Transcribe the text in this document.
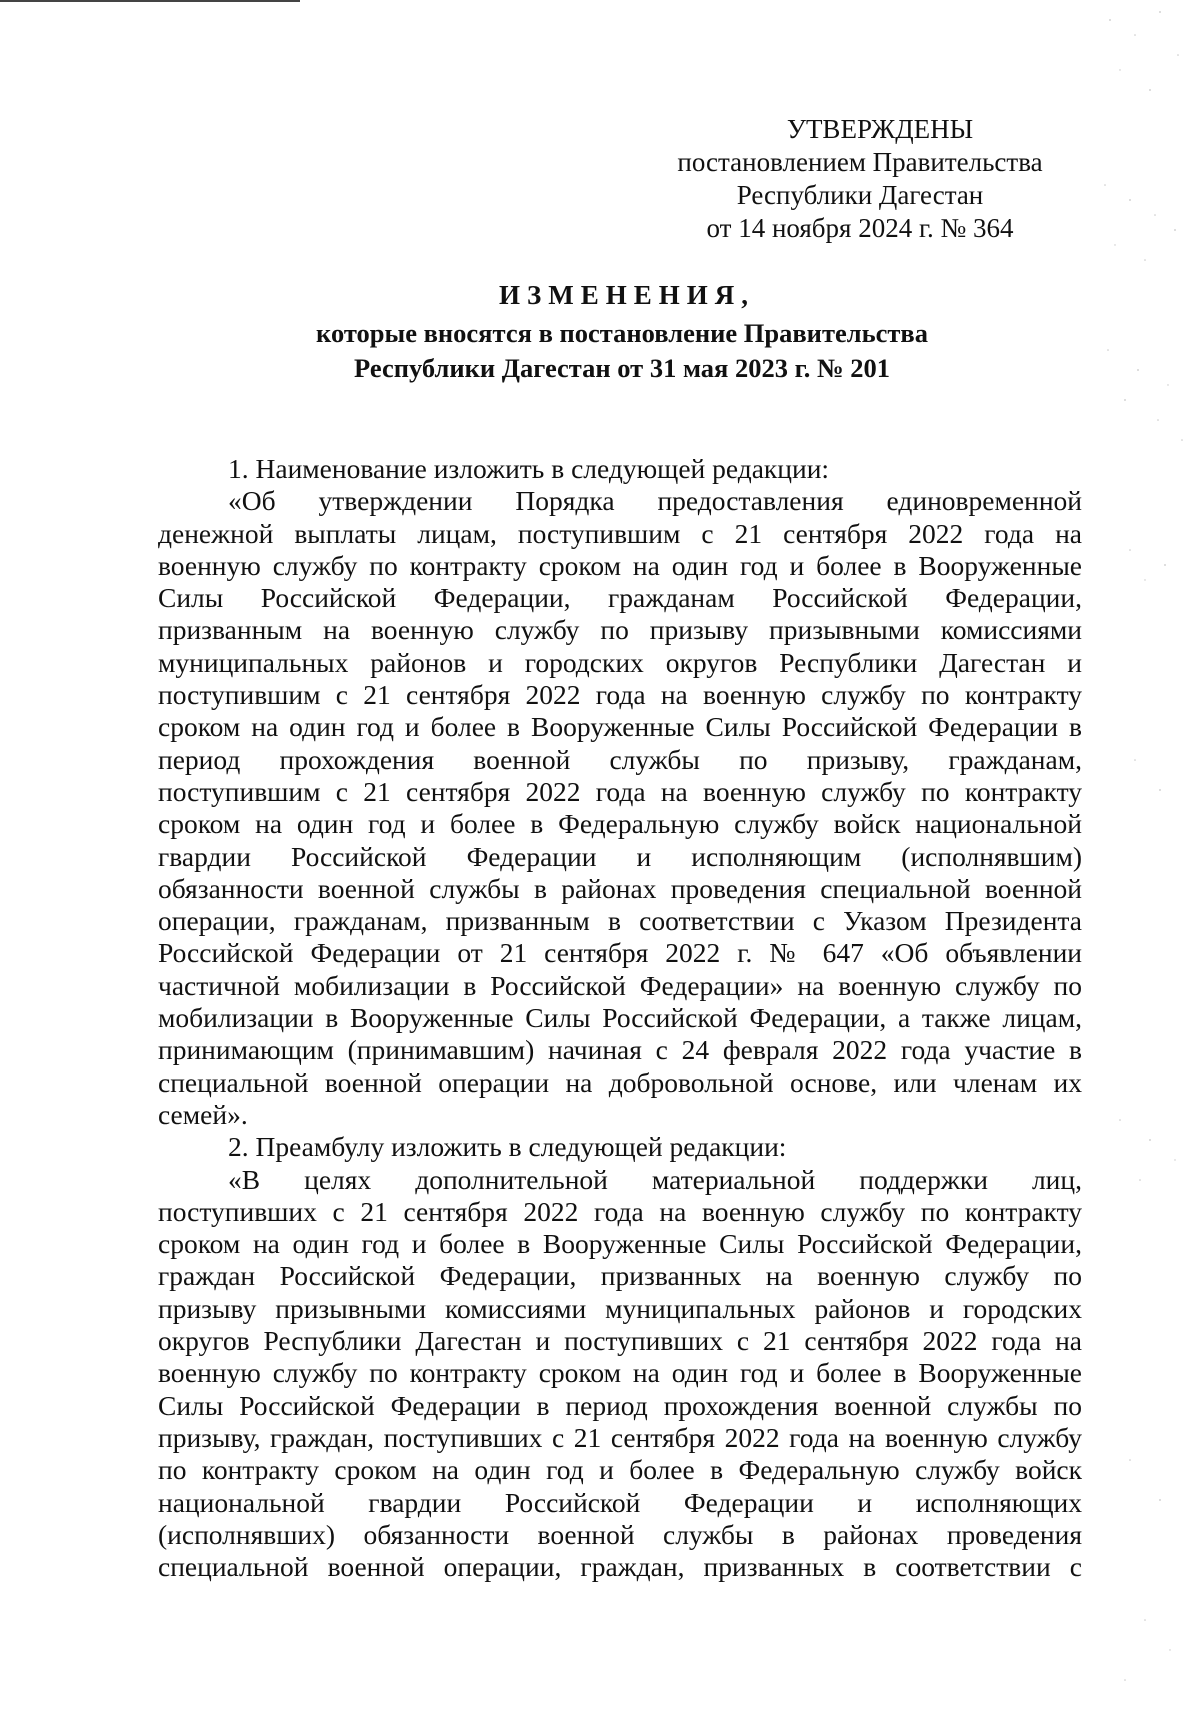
УТВЕРЖДЕНЫ
постановлением Правительства
Республики Дагестан
от 14 ноября 2024 г. № 364
ИЗМЕНЕНИЯ,
которые вносятся в постановление Правительства
Республики Дагестан от 31 мая 2023 г. № 201
1. Наименование изложить в следующей редакции:
«Об утверждении Порядка предоставления единовременной
денежной выплаты лицам, поступившим с 21 сентября 2022 года на
военную службу по контракту сроком на один год и более в Вооруженные
Силы Российской Федерации, гражданам Российской Федерации,
призванным на военную службу по призыву призывными комиссиями
муниципальных районов и городских округов Республики Дагестан и
поступившим с 21 сентября 2022 года на военную службу по контракту
сроком на один год и более в Вооруженные Силы Российской Федерации в
период прохождения военной службы по призыву, гражданам,
поступившим с 21 сентября 2022 года на военную службу по контракту
сроком на один год и более в Федеральную службу войск национальной
гвардии Российской Федерации и исполняющим (исполнявшим)
обязанности военной службы в районах проведения специальной военной
операции, гражданам, призванным в соответствии с Указом Президента
Российской Федерации от 21 сентября 2022 г. № 647 «Об объявлении
частичной мобилизации в Российской Федерации» на военную службу по
мобилизации в Вооруженные Силы Российской Федерации, а также лицам,
принимающим (принимавшим) начиная с 24 февраля 2022 года участие в
специальной военной операции на добровольной основе, или членам их
семей».
2. Преамбулу изложить в следующей редакции:
«В целях дополнительной материальной поддержки лиц,
поступивших с 21 сентября 2022 года на военную службу по контракту
сроком на один год и более в Вооруженные Силы Российской Федерации,
граждан Российской Федерации, призванных на военную службу по
призыву призывными комиссиями муниципальных районов и городских
округов Республики Дагестан и поступивших с 21 сентября 2022 года на
военную службу по контракту сроком на один год и более в Вооруженные
Силы Российской Федерации в период прохождения военной службы по
призыву, граждан, поступивших с 21 сентября 2022 года на военную службу
по контракту сроком на один год и более в Федеральную службу войск
национальной гвардии Российской Федерации и исполняющих
(исполнявших) обязанности военной службы в районах проведения
специальной военной операции, граждан, призванных в соответствии с
